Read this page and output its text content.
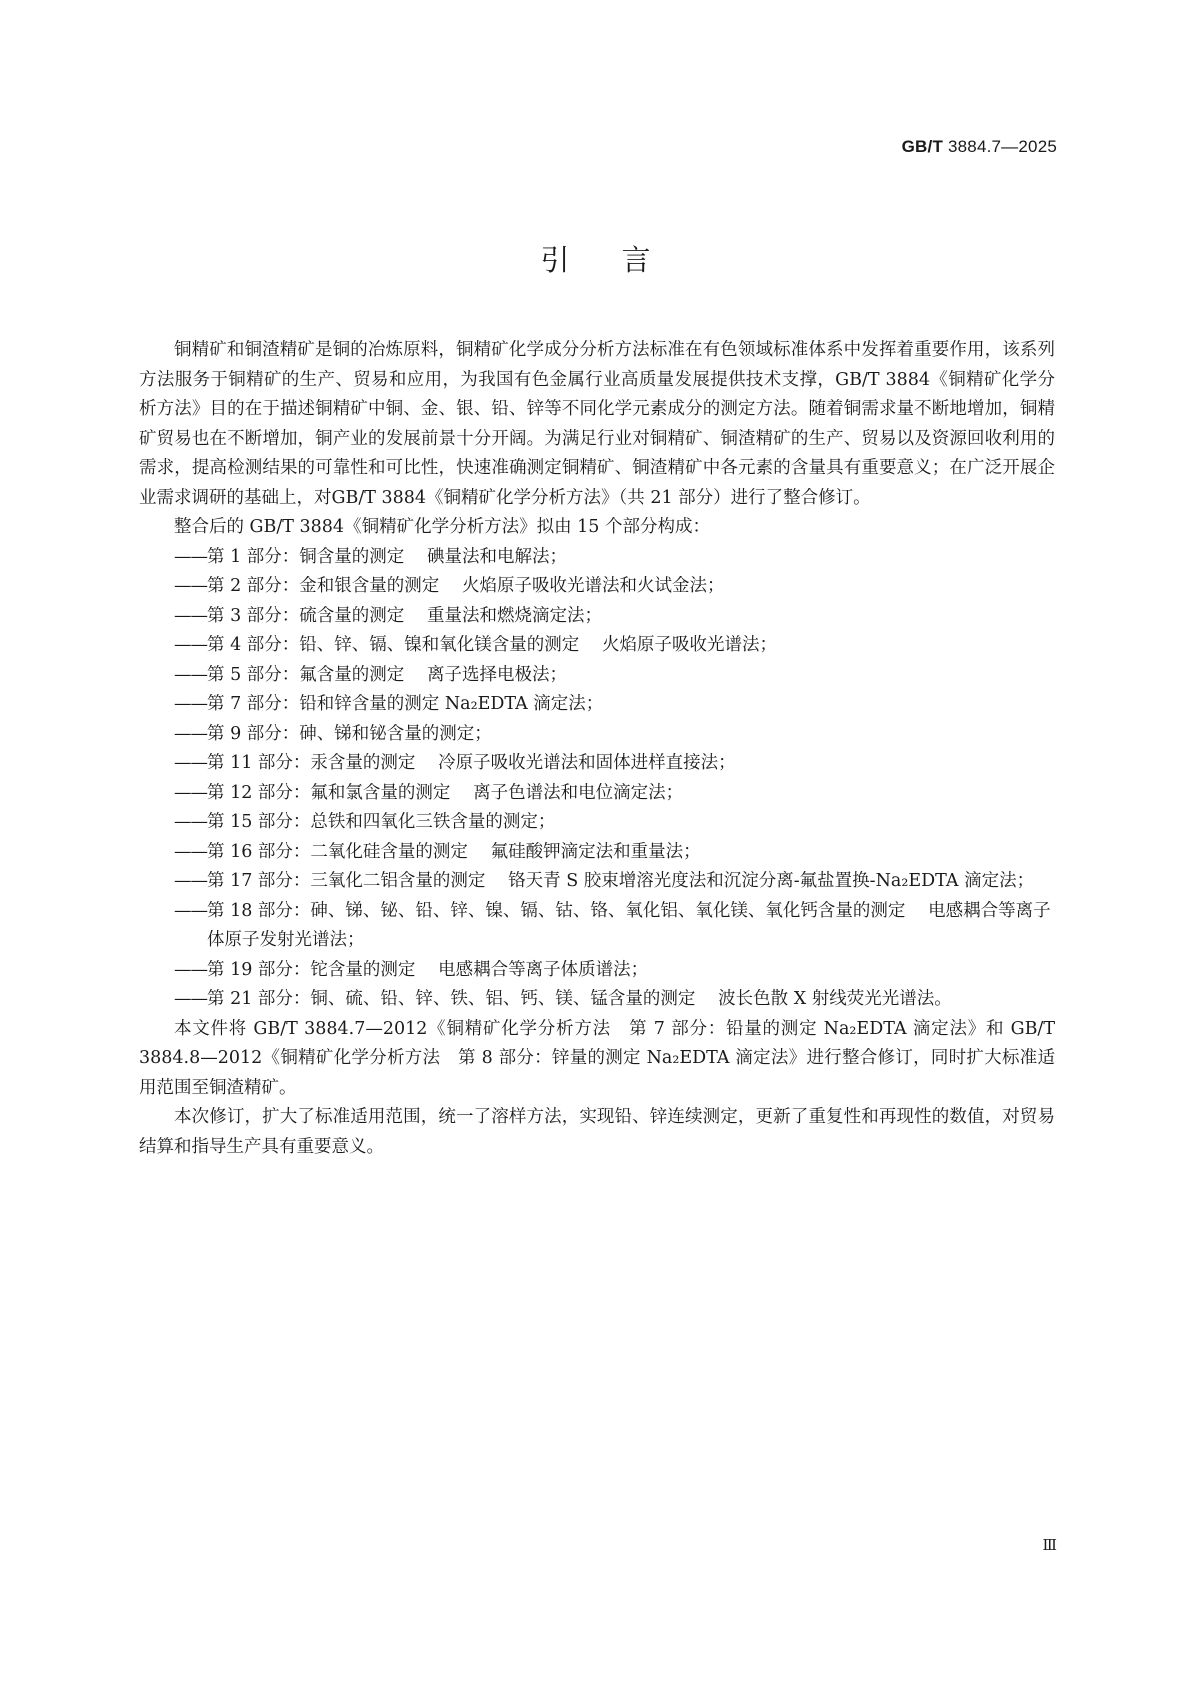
GB/T 3884.7—2025
引言

铜精矿和铜渣精矿是铜的冶炼原料，铜精矿化学成分分析方法标准在有色领域标准体系中发挥着重要作用，该系列方法服务于铜精矿的生产、贸易和应用，为我国有色金属行业高质量发展提供技术支撑，GB/T 3884《铜精矿化学分析方法》目的在于描述铜精矿中铜、金、银、铅、锌等不同化学元素成分的测定方法。随着铜需求量不断地增加，铜精矿贸易也在不断增加，铜产业的发展前景十分开阔。为满足行业对铜精矿、铜渣精矿的生产、贸易以及资源回收利用的需求，提高检测结果的可靠性和可比性，快速准确测定铜精矿、铜渣精矿中各元素的含量具有重要意义；在广泛开展企业需求调研的基础上，对GB/T 3884《铜精矿化学分析方法》（共 21 部分）进行了整合修订。

整合后的 GB/T 3884《铜精矿化学分析方法》拟由 15 个部分构成：

—— 第 1 部分：铜含量的测定 碘量法和电解法；
—— 第 2 部分：金和银含量的测定 火焰原子吸收光谱法和火试金法；
—— 第 3 部分：硫含量的测定 重量法和燃烧滴定法；
—— 第 4 部分：铅、锌、镉、镍和氧化镁含量的测定 火焰原子吸收光谱法；
—— 第 5 部分：氟含量的测定 离子选择电极法；
—— 第 7 部分：铅和锌含量的测定 Na₂EDTA 滴定法；
—— 第 9 部分：砷、锑和铋含量的测定；
—— 第 11 部分：汞含量的测定 冷原子吸收光谱法和固体进样直接法；
—— 第 12 部分：氟和氯含量的测定 离子色谱法和电位滴定法；
—— 第 15 部分：总铁和四氧化三铁含量的测定；
—— 第 16 部分：二氧化硅含量的测定 氟硅酸钾滴定法和重量法；
—— 第 17 部分：三氧化二铝含量的测定 铬天青 S 胶束增溶光度法和沉淀分离-氟盐置换-Na₂EDTA 滴定法；
—— 第 18 部分：砷、锑、铋、铅、锌、镍、镉、钴、铬、氧化铝、氧化镁、氧化钙含量的测定 电感耦合等离子体原子发射光谱法；
—— 第 19 部分：铊含量的测定 电感耦合等离子体质谱法；
—— 第 21 部分：铜、硫、铅、锌、铁、铝、钙、镁、锰含量的测定 波长色散 X 射线荧光光谱法。

本文件将 GB/T 3884.7—2012《铜精矿化学分析方法　第 7 部分：铅量的测定 Na₂EDTA 滴定法》和 GB/T 3884.8—2012《铜精矿化学分析方法　第 8 部分：锌量的测定 Na₂EDTA 滴定法》进行整合修订，同时扩大标准适用范围至铜渣精矿。

本次修订，扩大了标准适用范围，统一了溶样方法，实现铅、锌连续测定，更新了重复性和再现性的数值，对贸易结算和指导生产具有重要意义。

Ⅲ
